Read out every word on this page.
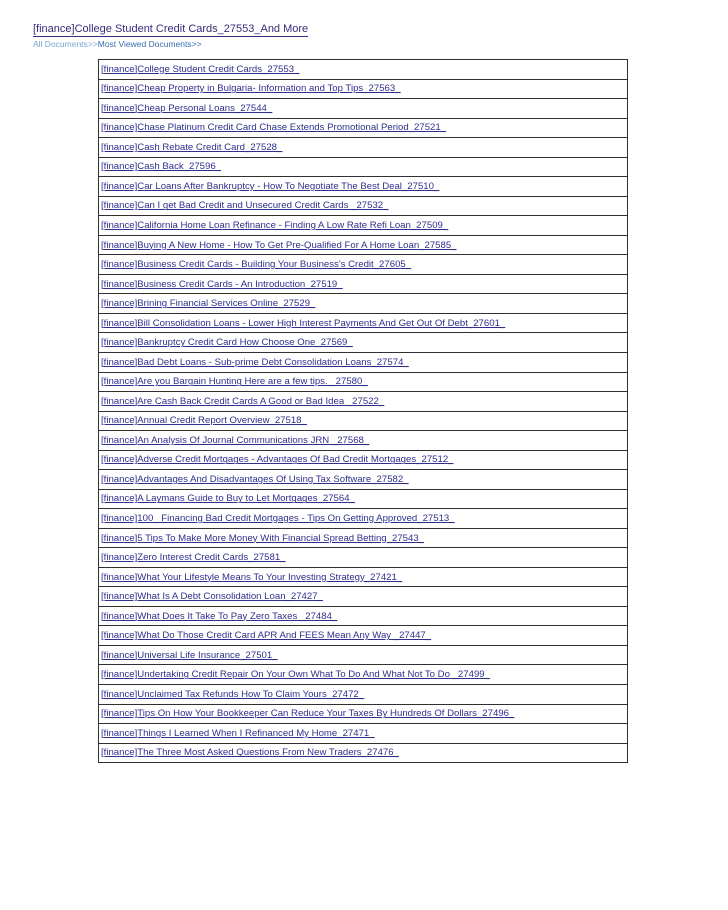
[finance]College Student Credit Cards_27553_And More
All Documents>>Most Viewed Documents>>
[finance]College Student Credit Cards_27553_
[finance]Cheap Property in Bulgaria- Information and Top Tips_27563_
[finance]Cheap Personal Loans_27544_
[finance]Chase Platinum Credit Card Chase Extends Promotional Period_27521_
[finance]Cash Rebate Credit Card_27528_
[finance]Cash Back_27596_
[finance]Car Loans After Bankruptcy - How To Negotiate The Best Deal_27510_
[finance]Can I get Bad Credit and Unsecured Credit Cards _27532_
[finance]California Home Loan Refinance - Finding A Low Rate Refi Loan_27509_
[finance]Buying A New Home - How To Get Pre-Qualified For A Home Loan_27585_
[finance]Business Credit Cards - Building Your Business's Credit_27605_
[finance]Business Credit Cards - An Introduction_27519_
[finance]Brining Financial Services Online_27529_
[finance]Bill Consolidation Loans - Lower High Interest Payments And Get Out Of Debt_27601_
[finance]Bankruptcy Credit Card How Choose One_27569_
[finance]Bad Debt Loans - Sub-prime Debt Consolidation Loans_27574_
[finance]Are you Bargain Hunting Here are a few tips. _27580_
[finance]Are Cash Back Credit Cards A Good or Bad Idea _27522_
[finance]Annual Credit Report Overview_27518_
[finance]An Analysis Of Journal Communications JRN _27568_
[finance]Adverse Credit Mortgages - Advantages Of Bad Credit Mortgages_27512_
[finance]Advantages And Disadvantages Of Using Tax Software_27582_
[finance]A Laymans Guide to Buy to Let Mortgages_27564_
[finance]100_ Financing Bad Credit Mortgages - Tips On Getting Approved_27513_
[finance]5 Tips To Make More Money With Financial Spread Betting_27543_
[finance]Zero Interest Credit Cards_27581_
[finance]What Your Lifestyle Means To Your Investing Strategy_27421_
[finance]What Is A Debt Consolidation Loan_27427_
[finance]What Does It Take To Pay Zero Taxes _27484_
[finance]What Do Those Credit Card APR And FEES Mean Any Way _27447_
[finance]Universal Life Insurance_27501_
[finance]Undertaking Credit Repair On Your Own What To Do And What Not To Do _27499_
[finance]Unclaimed Tax Refunds How To Claim Yours_27472_
[finance]Tips On How Your Bookkeeper Can Reduce Your Taxes By Hundreds Of Dollars_27496_
[finance]Things I Learned When I Refinanced My Home_27471_
[finance]The Three Most Asked Questions From New Traders_27476_
